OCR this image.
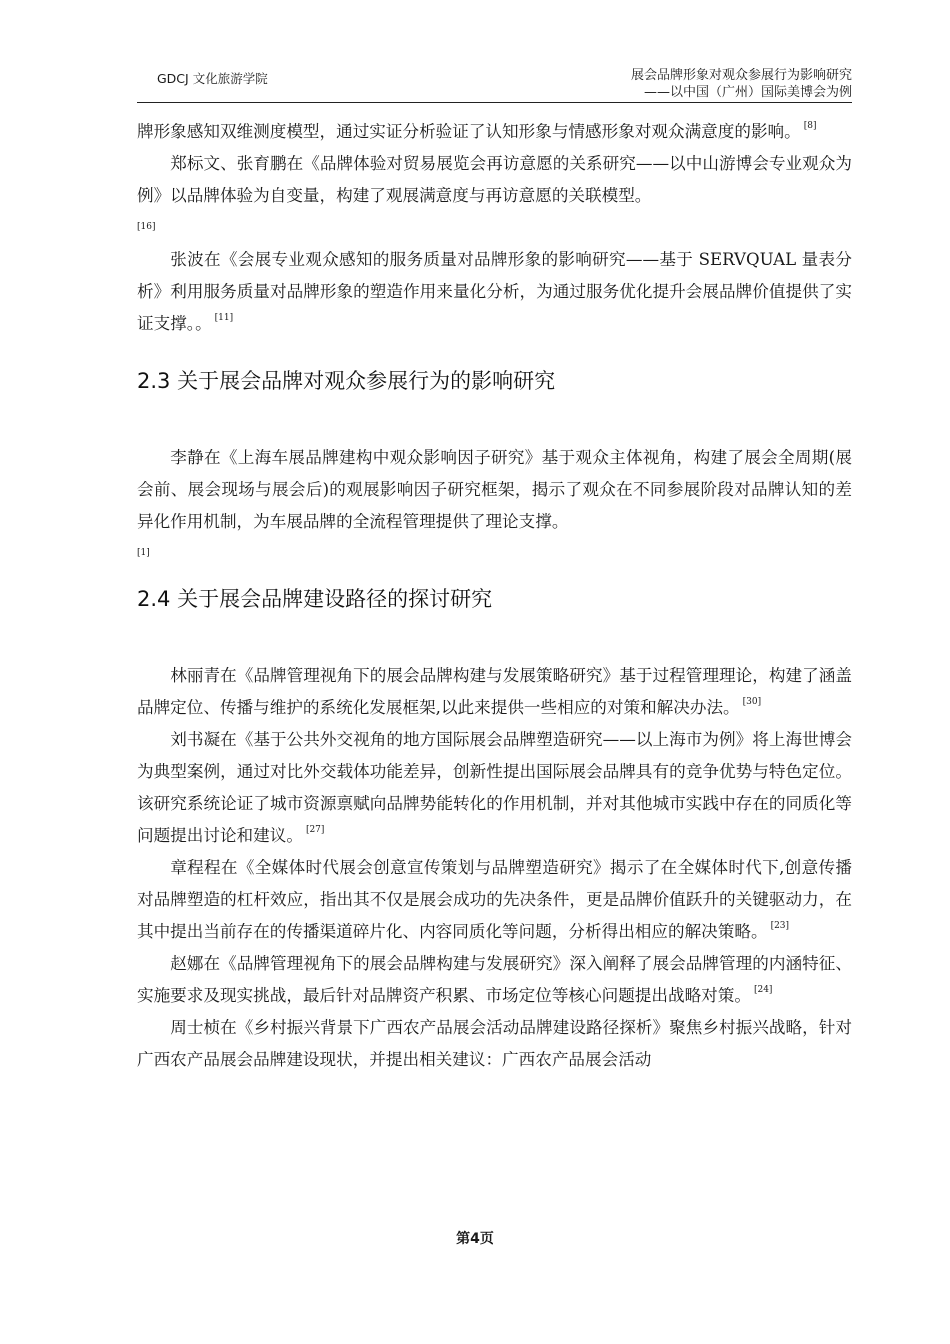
GDCJ 文化旅游学院	展会品牌形象对观众参展行为影响研究
——以中国（广州）国际美博会为例

牌形象感知双维测度模型，通过实证分析验证了认知形象与情感形象对观众满意度的影响。 [8]

郑标文、张育鹏在《品牌体验对贸易展览会再访意愿的关系研究——以中山游博会专业观众为例》以品牌体验为自变量，构建了观展满意度与再访意愿的关联模型。

[16]

张波在《会展专业观众感知的服务质量对品牌形象的影响研究——基于 SERVQUAL 量表分析》利用服务质量对品牌形象的塑造作用来量化分析，为通过服务优化提升会展品牌价值提供了实证支撑。。 [11]

2.3 关于展会品牌对观众参展行为的影响研究

李静在《上海车展品牌建构中观众影响因子研究》基于观众主体视角，构建了展会全周期(展会前、展会现场与展会后)的观展影响因子研究框架，揭示了观众在不同参展阶段对品牌认知的差异化作用机制，为车展品牌的全流程管理提供了理论支撑。

[1]
2.4 关于展会品牌建设路径的探讨研究

林丽青在《品牌管理视角下的展会品牌构建与发展策略研究》基于过程管理理论，构建了涵盖品牌定位、传播与维护的系统化发展框架,以此来提供一些相应的对策和解决办法。 [30]

刘书凝在《基于公共外交视角的地方国际展会品牌塑造研究——以上海市为例》将上海世博会为典型案例，通过对比外交载体功能差异，创新性提出国际展会品牌具有的竞争优势与特色定位。该研究系统论证了城市资源禀赋向品牌势能转化的作用机制，并对其他城市实践中存在的同质化等问题提出讨论和建议。 [27]

章程程在《全媒体时代展会创意宣传策划与品牌塑造研究》揭示了在全媒体时代下,创意传播对品牌塑造的杠杆效应，指出其不仅是展会成功的先决条件，更是品牌价值跃升的关键驱动力，在其中提出当前存在的传播渠道碎片化、内容同质化等问题，分析得出相应的解决策略。 [23]

赵娜在《品牌管理视角下的展会品牌构建与发展研究》深入阐释了展会品牌管理的内涵特征、实施要求及现实挑战，最后针对品牌资产积累、市场定位等核心问题提出战略对策。 [24]

周士桢在《乡村振兴背景下广西农产品展会活动品牌建设路径探析》聚焦乡村振兴战略，针对广西农产品展会品牌建设现状，并提出相关建议：广西农产品展会活动

第4页
